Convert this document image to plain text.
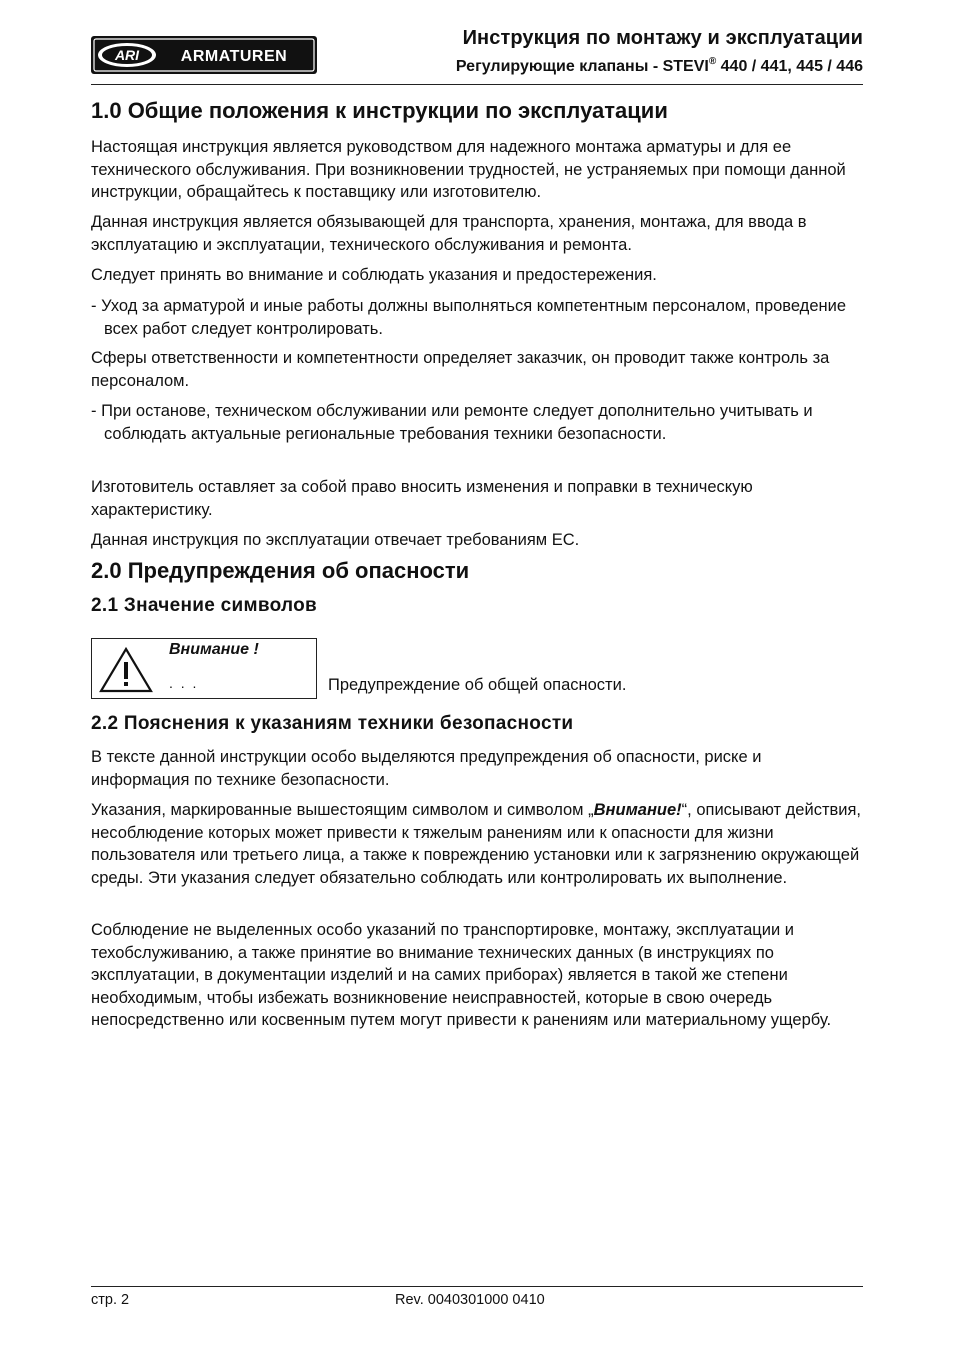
ARI	ARMATUREN
Инструкция по монтажу и эксплуатации
Регулирующие клапаны - STEVI® 440 / 441, 445 / 446
1.0 Общие положения к инструкции по эксплуатации

Настоящая инструкция является руководством для надежного монтажа арматуры и для ее технического обслуживания. При возникновении трудностей, не устраняемых при помощи данной инструкции, обращайтесь к поставщику или изготовителю.

Данная инструкция является обязывающей для транспорта, хранения, монтажа, для ввода в эксплуатацию и эксплуатации, технического обслуживания и ремонта.

Следует принять во внимание и соблюдать указания и предостережения.

- Уход за арматурой и иные работы должны выполняться компетентным персоналом, проведение всех работ следует контролировать.

Сферы ответственности и компетентности определяет заказчик, он проводит также контроль за персоналом.

- При останове, техническом обслуживании или ремонте следует дополнительно учитывать и соблюдать актуальные региональные требования техники безопасности.

Изготовитель оставляет за собой право вносить изменения и поправки в техническую характеристику.

Данная инструкция по эксплуатации отвечает требованиям ЕС.

2.0 Предупреждения об опасности
2.1 Значение символов
Внимание !
. . .	Предупреждение об общей опасности.
2.2 Пояснения к указаниям техники безопасности

В тексте данной инструкции особо выделяются предупреждения об опасности, риске и информация по технике безопасности.

Указания, маркированные вышестоящим символом и символом „Внимание!“, описывают действия, несоблюдение которых может привести к тяжелым ранениям или к опасности для жизни пользователя или третьего лица, а также к повреждению установки или к загрязнению окружающей среды. Эти указания следует обязательно соблюдать или контролировать их выполнение.

Соблюдение не выделенных особо указаний по транспортировке, монтажу, эксплуатации и техобслуживанию, а также принятие во внимание технических данных (в инструкциях по эксплуатации, в документации изделий и на самих приборах) является в такой же степени необходимым, чтобы избежать возникновение неисправностей, которые в свою очередь непосредственно или косвенным путем могут привести к ранениям или материальному ущербу.

стр. 2	Rev. 0040301000 0410
